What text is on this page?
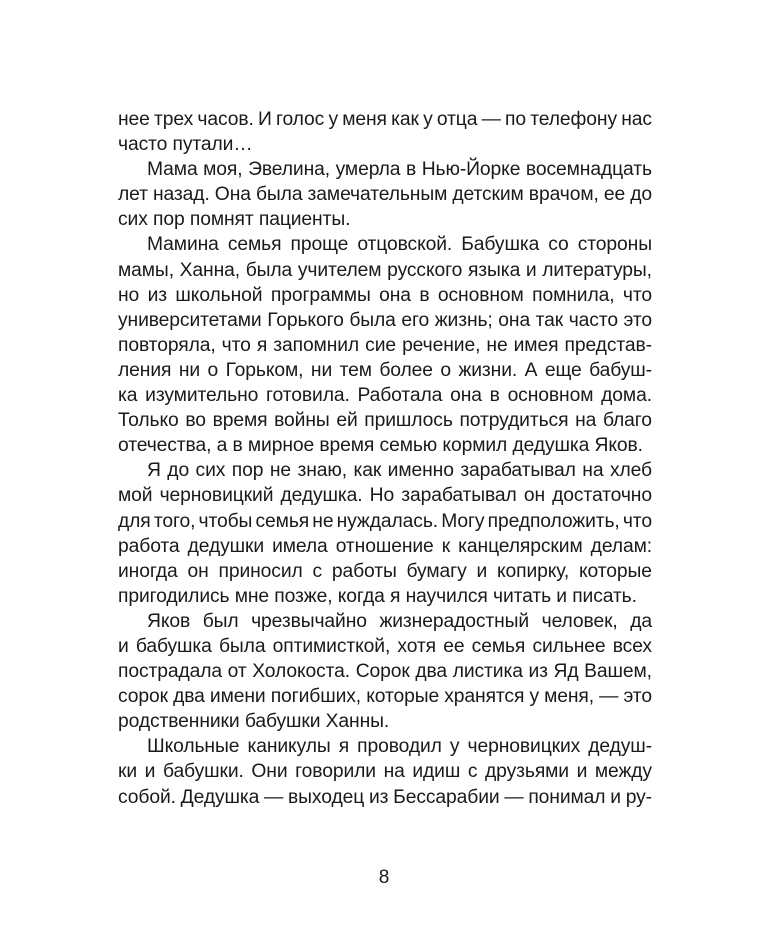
нее трех часов. И голос у меня как у отца — по телефону нас
часто путали…
Мама моя, Эвелина, умерла в Нью-Йорке восемнадцать
лет назад. Она была замечательным детским врачом, ее до
сих пор помнят пациенты.
Мамина семья проще отцовской. Бабушка со стороны
мамы, Ханна, была учителем русского языка и литературы,
но из школьной программы она в основном помнила, что
университетами Горького была его жизнь; она так часто это
повторяла, что я запомнил сие речение, не имея представ-
ления ни о Горьком, ни тем более о жизни. А еще бабуш-
ка изумительно готовила. Работала она в основном дома.
Только во время войны ей пришлось потрудиться на благо
отечества, а в мирное время семью кормил дедушка Яков.
Я до сих пор не знаю, как именно зарабатывал на хлеб
мой черновицкий дедушка. Но зарабатывал он достаточно
для того, чтобы семья не нуждалась. Могу предположить, что
работа дедушки имела отношение к канцелярским делам:
иногда он приносил с работы бумагу и копирку, которые
пригодились мне позже, когда я научился читать и писать.
Яков был чрезвычайно жизнерадостный человек, да
и бабушка была оптимисткой, хотя ее семья сильнее всех
пострадала от Холокоста. Сорок два листика из Яд Вашем,
сорок два имени погибших, которые хранятся у меня, — это
родственники бабушки Ханны.
Школьные каникулы я проводил у черновицких дедуш-
ки и бабушки. Они говорили на идиш с друзьями и между
собой. Дедушка — выходец из Бессарабии — понимал и ру-
8
